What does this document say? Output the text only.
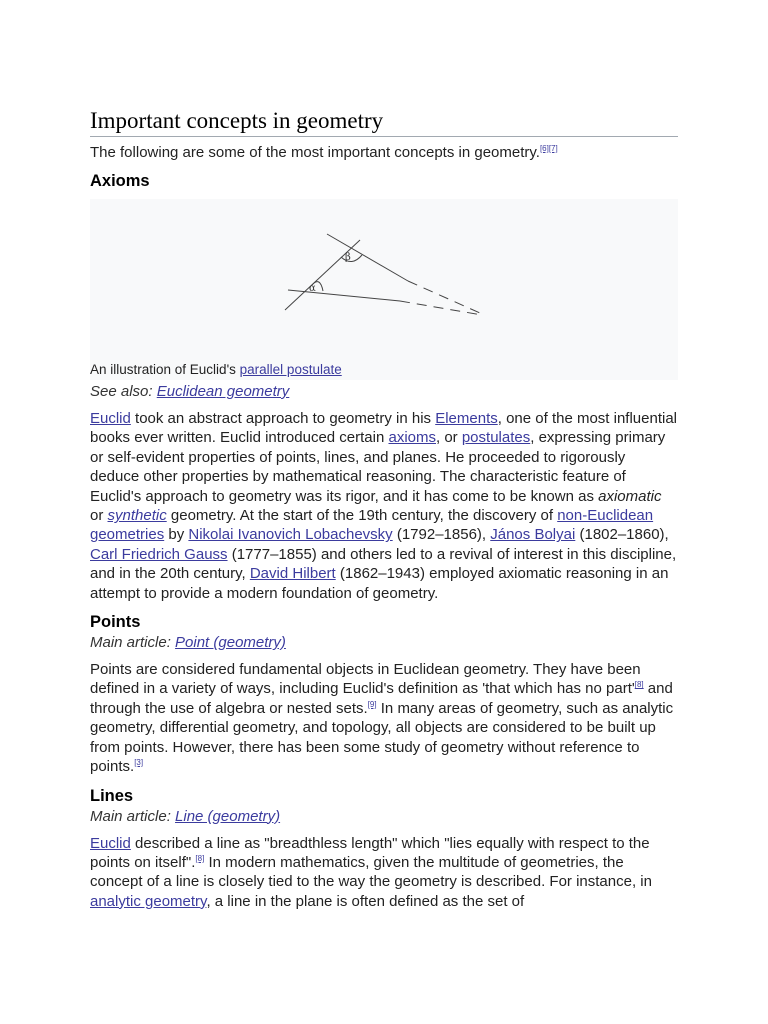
Important concepts in geometry

The following are some of the most important concepts in geometry.[6][7]

Axioms
α
β
An illustration of Euclid's parallel postulate
See also: Euclidean geometry

Euclid took an abstract approach to geometry in his Elements, one of the most influential books ever written. Euclid introduced certain axioms, or postulates, expressing primary or self-evident properties of points, lines, and planes. He proceeded to rigorously deduce other properties by mathematical reasoning. The characteristic feature of Euclid's approach to geometry was its rigor, and it has come to be known as axiomatic or synthetic geometry. At the start of the 19th century, the discovery of non-Euclidean geometries by Nikolai Ivanovich Lobachevsky (1792–1856), János Bolyai (1802–1860), Carl Friedrich Gauss (1777–1855) and others led to a revival of interest in this discipline, and in the 20th century, David Hilbert (1862–1943) employed axiomatic reasoning in an attempt to provide a modern foundation of geometry.

Points
Main article: Point (geometry)

Points are considered fundamental objects in Euclidean geometry. They have been defined in a variety of ways, including Euclid's definition as 'that which has no part'[8] and through the use of algebra or nested sets.[9] In many areas of geometry, such as analytic geometry, differential geometry, and topology, all objects are considered to be built up from points. However, there has been some study of geometry without reference to points.[3]

Lines
Main article: Line (geometry)

Euclid described a line as "breadthless length" which "lies equally with respect to the points on itself".[8] In modern mathematics, given the multitude of geometries, the concept of a line is closely tied to the way the geometry is described. For instance, in analytic geometry, a line in the plane is often defined as the set of
